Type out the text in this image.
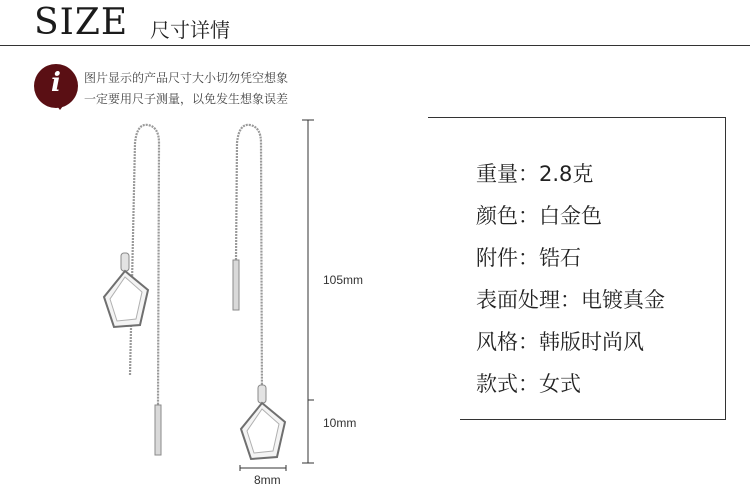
SIZE 尺寸详情
i	图片显示的产品尺寸大小切勿凭空想象
一定要用尺子测量，以免发生想象误差
105mm
10mm
8mm
重量：2.8克
颜色：白金色
附件：锆石
表面处理：电镀真金
风格：韩版时尚风
款式：女式
